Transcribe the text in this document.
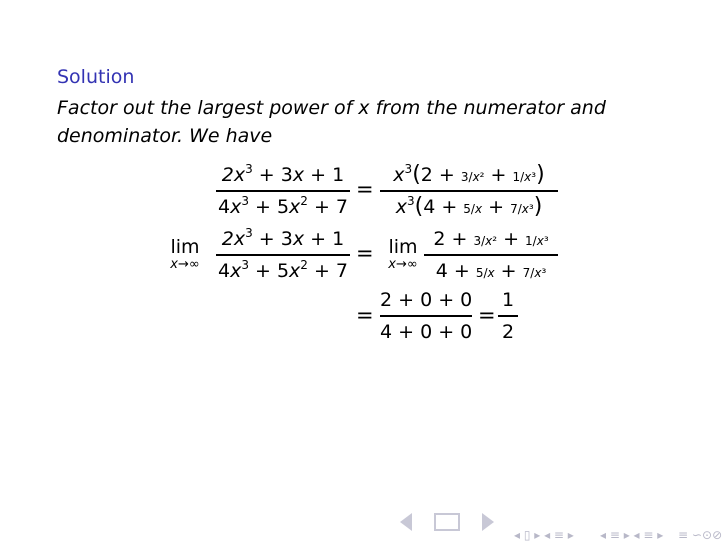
Solution
Factor out the largest power of x from the numerator and denominator. We have
$2x^3 + 3x + 1$
$4x^3 + 5x^2 + 7$
=
$x^3(2 + 3/x^2 + 1/x^3)$
$x^3(4 + 5/x + 7/x^3)$
lim
x→∞
$2x^3 + 3x + 1$
$4x^3 + 5x^2 + 7$
= lim
x→∞
2 + 3/x² + 1/x³
4 + 5/x + 7/x³
=
2 + 0 + 0
4 + 0 + 0
=
1
2
◂ ▯ ▸ ◂ ≡ ▸ ◂ ≡ ▸ ◂ ≡ ▸ ≡ ∽⊙⊘
